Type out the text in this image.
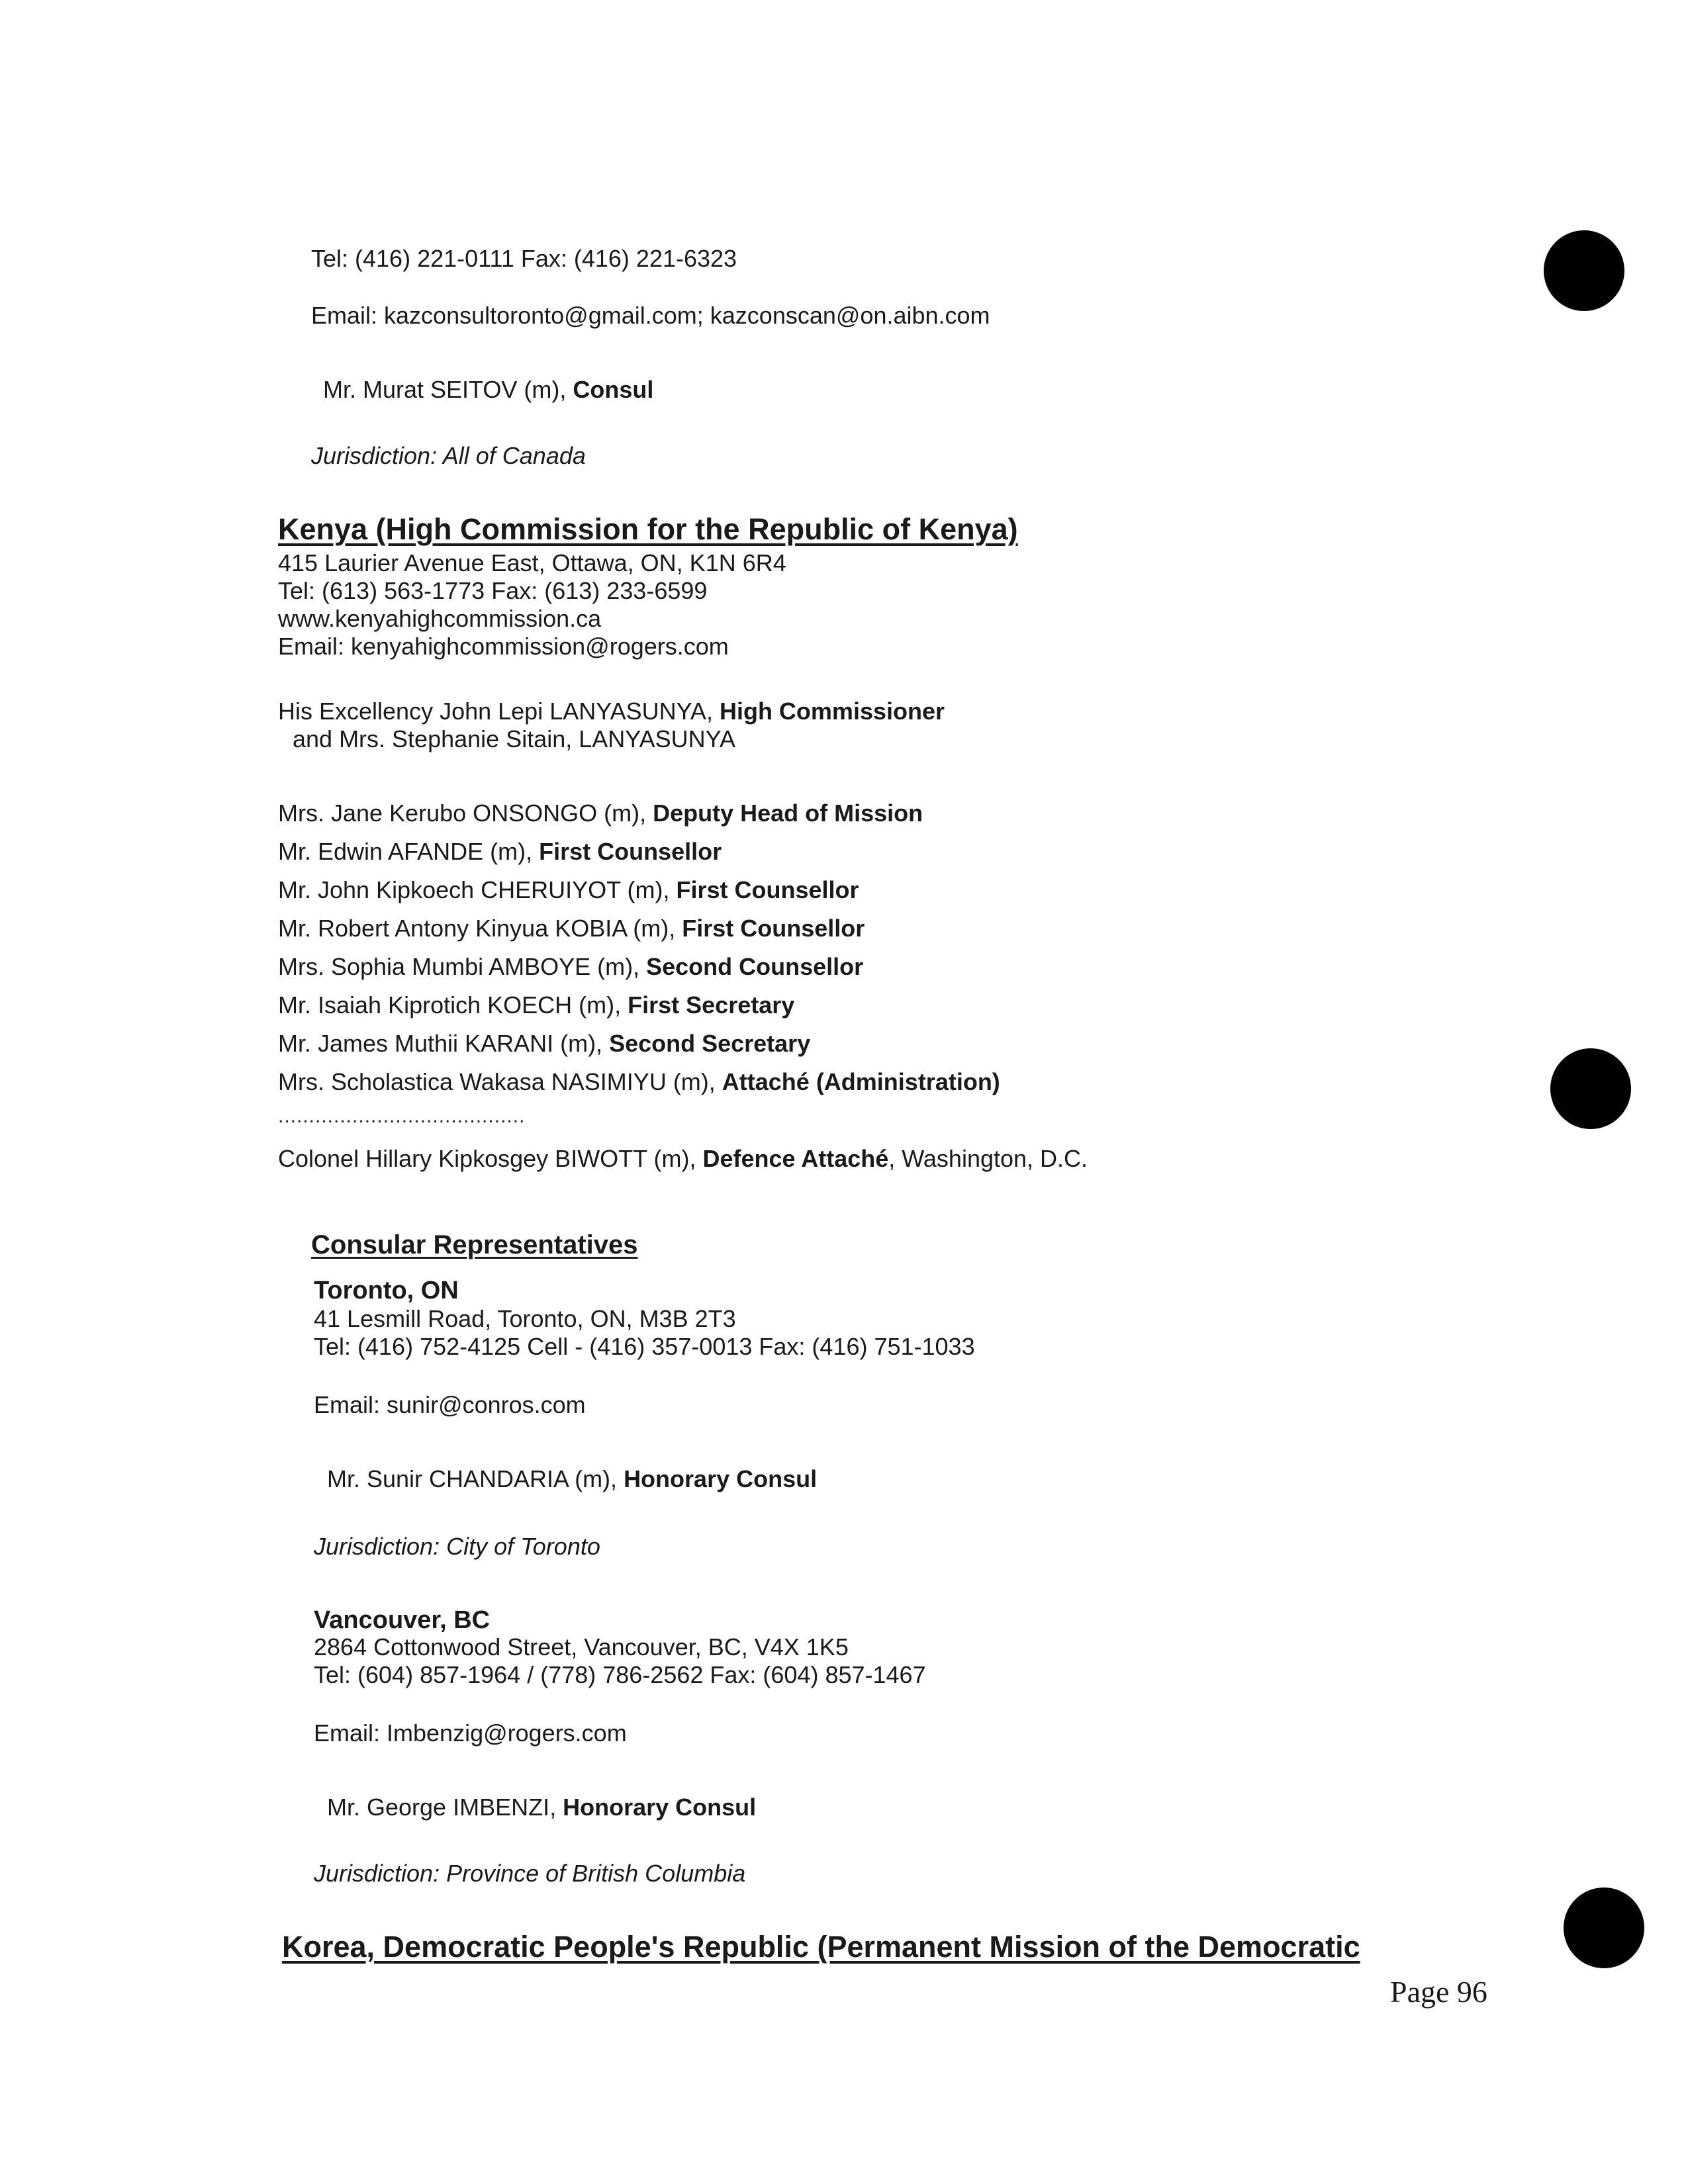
Tel: (416) 221-0111 Fax: (416) 221-6323
Email: kazconsultoronto@gmail.com; kazconscan@on.aibn.com
Mr. Murat SEITOV (m), Consul
Jurisdiction: All of Canada
Kenya (High Commission for the Republic of Kenya)
415 Laurier Avenue East, Ottawa, ON, K1N 6R4
Tel: (613) 563-1773 Fax: (613) 233-6599
www.kenyahighcommission.ca
Email: kenyahighcommission@rogers.com
His Excellency John Lepi LANYASUNYA, High Commissioner
and Mrs. Stephanie Sitain, LANYASUNYA
Mrs. Jane Kerubo ONSONGO (m), Deputy Head of Mission
Mr. Edwin AFANDE (m), First Counsellor
Mr. John Kipkoech CHERUIYOT (m), First Counsellor
Mr. Robert Antony Kinyua KOBIA (m), First Counsellor
Mrs. Sophia Mumbi AMBOYE (m), Second Counsellor
Mr. Isaiah Kiprotich KOECH (m), First Secretary
Mr. James Muthii KARANI (m), Second Secretary
Mrs. Scholastica Wakasa NASIMIYU (m), Attaché (Administration)
........................................
Colonel Hillary Kipkosgey BIWOTT (m), Defence Attaché, Washington, D.C.
Consular Representatives
Toronto, ON
41 Lesmill Road, Toronto, ON, M3B 2T3
Tel: (416) 752-4125 Cell - (416) 357-0013 Fax: (416) 751-1033
Email: sunir@conros.com
Mr. Sunir CHANDARIA (m), Honorary Consul
Jurisdiction: City of Toronto
Vancouver, BC
2864 Cottonwood Street, Vancouver, BC, V4X 1K5
Tel: (604) 857-1964 / (778) 786-2562 Fax: (604) 857-1467
Email: Imbenzig@rogers.com
Mr. George IMBENZI, Honorary Consul
Jurisdiction: Province of British Columbia
Korea, Democratic People's Republic (Permanent Mission of the Democratic
Page 96
